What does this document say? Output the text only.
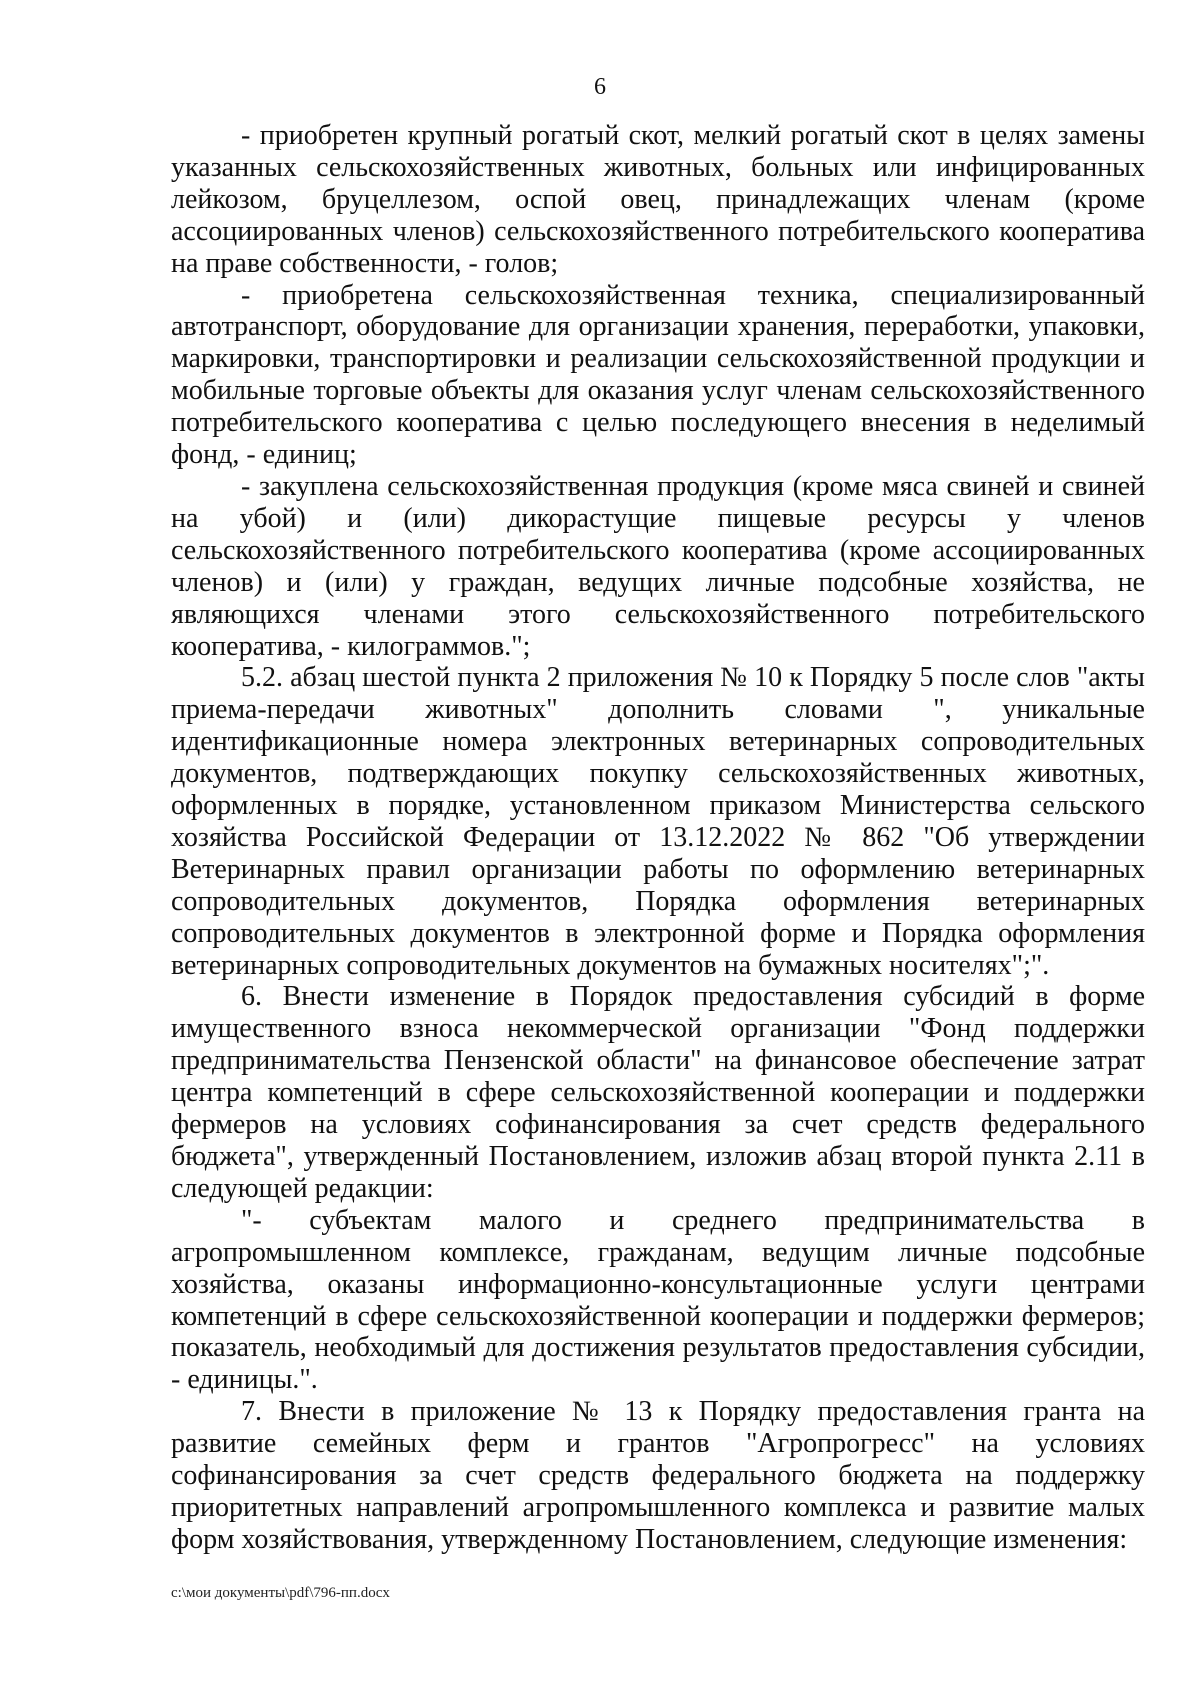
6

- приобретен крупный рогатый скот, мелкий рогатый скот в целях замены указанных сельскохозяйственных животных, больных или инфицированных лейкозом, бруцеллезом, оспой овец, принадлежащих членам (кроме ассоциированных членов) сельскохозяйственного потребительского кооператива на праве собственности, - голов;

- приобретена сельскохозяйственная техника, специализированный автотранспорт, оборудование для организации хранения, переработки, упаковки, маркировки, транспортировки и реализации сельскохозяйственной продукции и мобильные торговые объекты для оказания услуг членам сельскохозяйственного потребительского кооператива с целью последующего внесения в неделимый фонд, - единиц;

- закуплена сельскохозяйственная продукция (кроме мяса свиней и свиней на убой) и (или) дикорастущие пищевые ресурсы у членов сельскохозяйственного потребительского кооператива (кроме ассоциированных членов) и (или) у граждан, ведущих личные подсобные хозяйства, не являющихся членами этого сельскохозяйственного потребительского кооператива, - килограммов.";

5.2. абзац шестой пункта 2 приложения № 10 к Порядку 5 после слов "акты приема-передачи животных" дополнить словами ", уникальные идентификационные номера электронных ветеринарных сопроводительных документов, подтверждающих покупку сельскохозяйственных животных, оформленных в порядке, установленном приказом Министерства сельского хозяйства Российской Федерации от 13.12.2022 № 862 "Об утверждении Ветеринарных правил организации работы по оформлению ветеринарных сопроводительных документов, Порядка оформления ветеринарных сопроводительных документов в электронной форме и Порядка оформления ветеринарных сопроводительных документов на бумажных носителях";".

6. Внести изменение в Порядок предоставления субсидий в форме имущественного взноса некоммерческой организации "Фонд поддержки предпринимательства Пензенской области" на финансовое обеспечение затрат центра компетенций в сфере сельскохозяйственной кооперации и поддержки фермеров на условиях софинансирования за счет средств федерального бюджета", утвержденный Постановлением, изложив абзац второй пункта 2.11 в следующей редакции:

"- субъектам малого и среднего предпринимательства в агропромышленном комплексе, гражданам, ведущим личные подсобные хозяйства, оказаны информационно-консультационные услуги центрами компетенций в сфере сельскохозяйственной кооперации и поддержки фермеров; показатель, необходимый для достижения результатов предоставления субсидии, - единицы.".

7. Внести в приложение № 13 к Порядку предоставления гранта на развитие семейных ферм и грантов "Агропрогресс" на условиях софинансирования за счет средств федерального бюджета на поддержку приоритетных направлений агропромышленного комплекса и развитие малых форм хозяйствования, утвержденному Постановлением, следующие изменения:

c:\мои документы\pdf\796-пп.docx
